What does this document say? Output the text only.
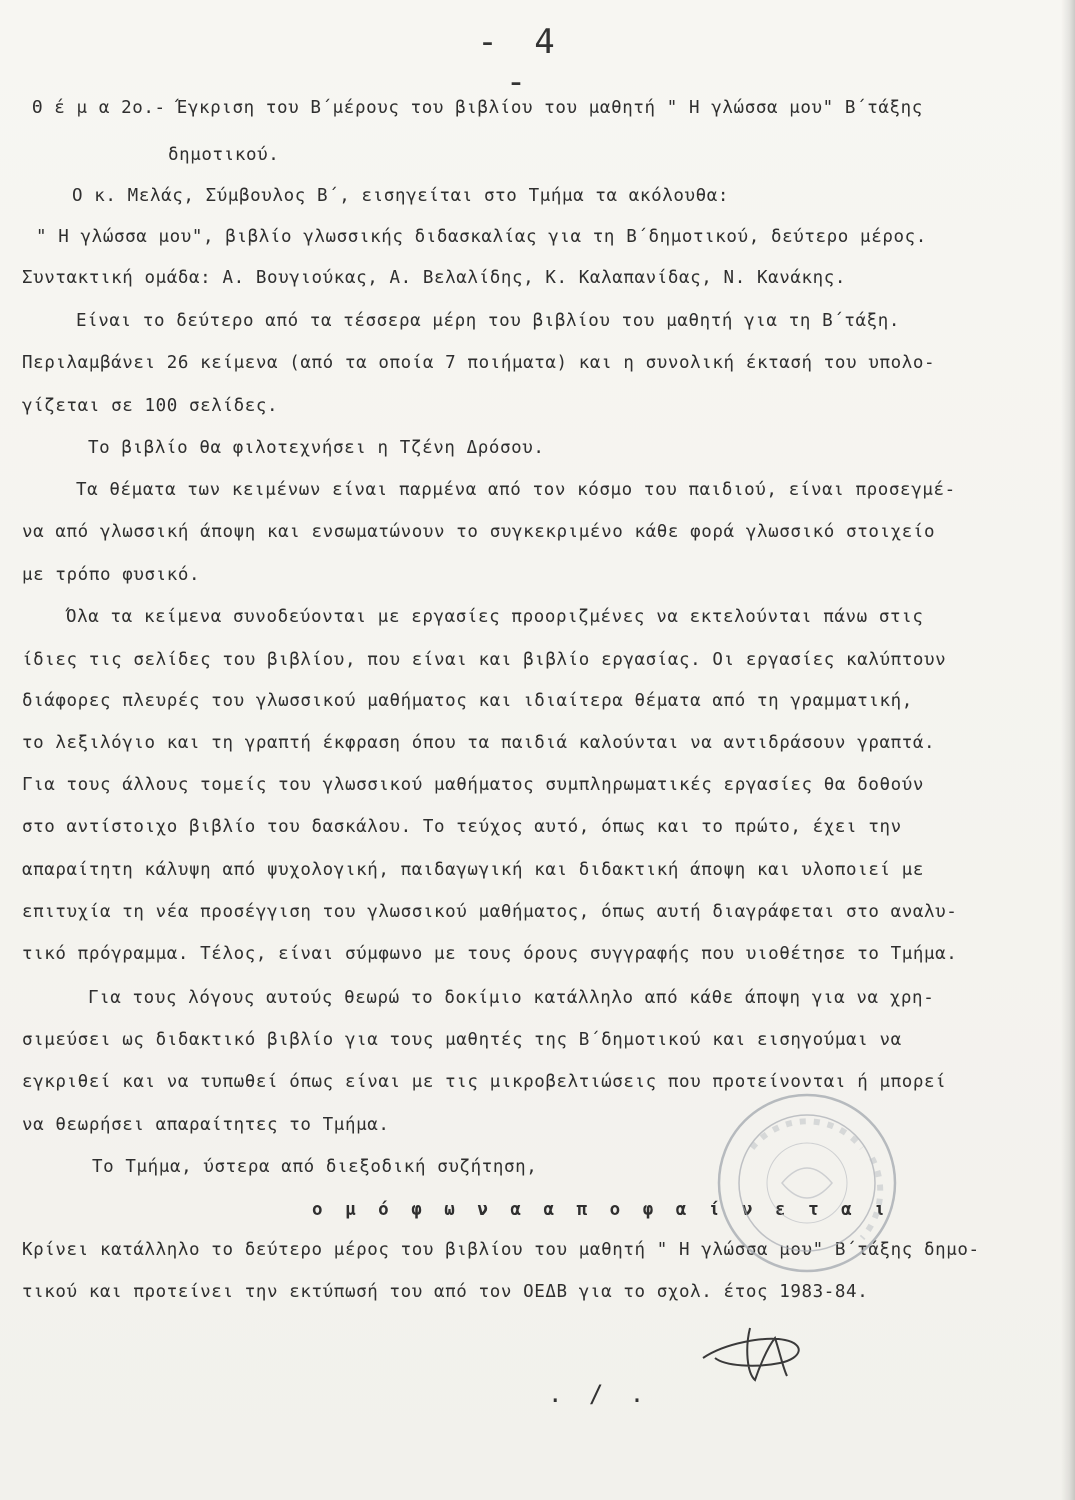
- 4 -
Θ έ μ α 2ο.- Έγκριση του Β΄μέρους του βιβλίου του μαθητή " Η γλώσσα μου" Β΄τάξης
δημοτικού.
Ο κ. Μελάς, Σύμβουλος Β΄, εισηγείται στο Τμήμα τα ακόλουθα:
" Η γλώσσα μου", βιβλίο γλωσσικής διδασκαλίας για τη Β΄δημοτικού, δεύτερο μέρος.
Συντακτική ομάδα: Α. Βουγιούκας, Α. Βελαλίδης, Κ. Καλαπανίδας, Ν. Κανάκης.
Είναι το δεύτερο από τα τέσσερα μέρη του βιβλίου του μαθητή για τη Β΄τάξη.
Περιλαμβάνει 26 κείμενα (από τα οποία 7 ποιήματα) και η συνολική έκτασή του υπολο-
γίζεται σε 100 σελίδες.
Το βιβλίο θα φιλοτεχνήσει η Τζένη Δρόσου.
Τα θέματα των κειμένων είναι παρμένα από τον κόσμο του παιδιού, είναι προσεγμέ-
να από γλωσσική άποψη και ενσωματώνουν το συγκεκριμένο κάθε φορά γλωσσικό στοιχείο
με τρόπο φυσικό.
Όλα τα κείμενα συνοδεύονται με εργασίες προοριζμένες να εκτελούνται πάνω στις
ίδιες τις σελίδες του βιβλίου, που είναι και βιβλίο εργασίας. Οι εργασίες καλύπτουν
διάφορες πλευρές του γλωσσικού μαθήματος και ιδιαίτερα θέματα από τη γραμματική,
το λεξιλόγιο και τη γραπτή έκφραση όπου τα παιδιά καλούνται να αντιδράσουν γραπτά.
Για τους άλλους τομείς του γλωσσικού μαθήματος συμπληρωματικές εργασίες θα δοθούν
στο αντίστοιχο βιβλίο του δασκάλου. Το τεύχος αυτό, όπως και το πρώτο, έχει την
απαραίτητη κάλυψη από ψυχολογική, παιδαγωγική και διδακτική άποψη και υλοποιεί με
επιτυχία τη νέα προσέγγιση του γλωσσικού μαθήματος, όπως αυτή διαγράφεται στο αναλυ-
τικό πρόγραμμα. Τέλος, είναι σύμφωνο με τους όρους συγγραφής που υιοθέτησε το Τμήμα.
Για τους λόγους αυτούς θεωρώ το δοκίμιο κατάλληλο από κάθε άποψη για να χρη-
σιμεύσει ως διδακτικό βιβλίο για τους μαθητές της Β΄δημοτικού και εισηγούμαι να
εγκριθεί και να τυπωθεί όπως είναι με τις μικροβελτιώσεις που προτείνονται ή μπορεί
να θεωρήσει απαραίτητες το Τμήμα.
Το Τμήμα, ύστερα από διεξοδική συζήτηση,
ο μ ό φ ω ν α α π ο φ α ί ν ε τ α ι
Κρίνει κατάλληλο το δεύτερο μέρος του βιβλίου του μαθητή " Η γλώσσα μου" Β΄τάξης δημο-
τικού και προτείνει την εκτύπωσή του από τον ΟΕΔΒ για το σχολ. έτος 1983-84.
. / .
